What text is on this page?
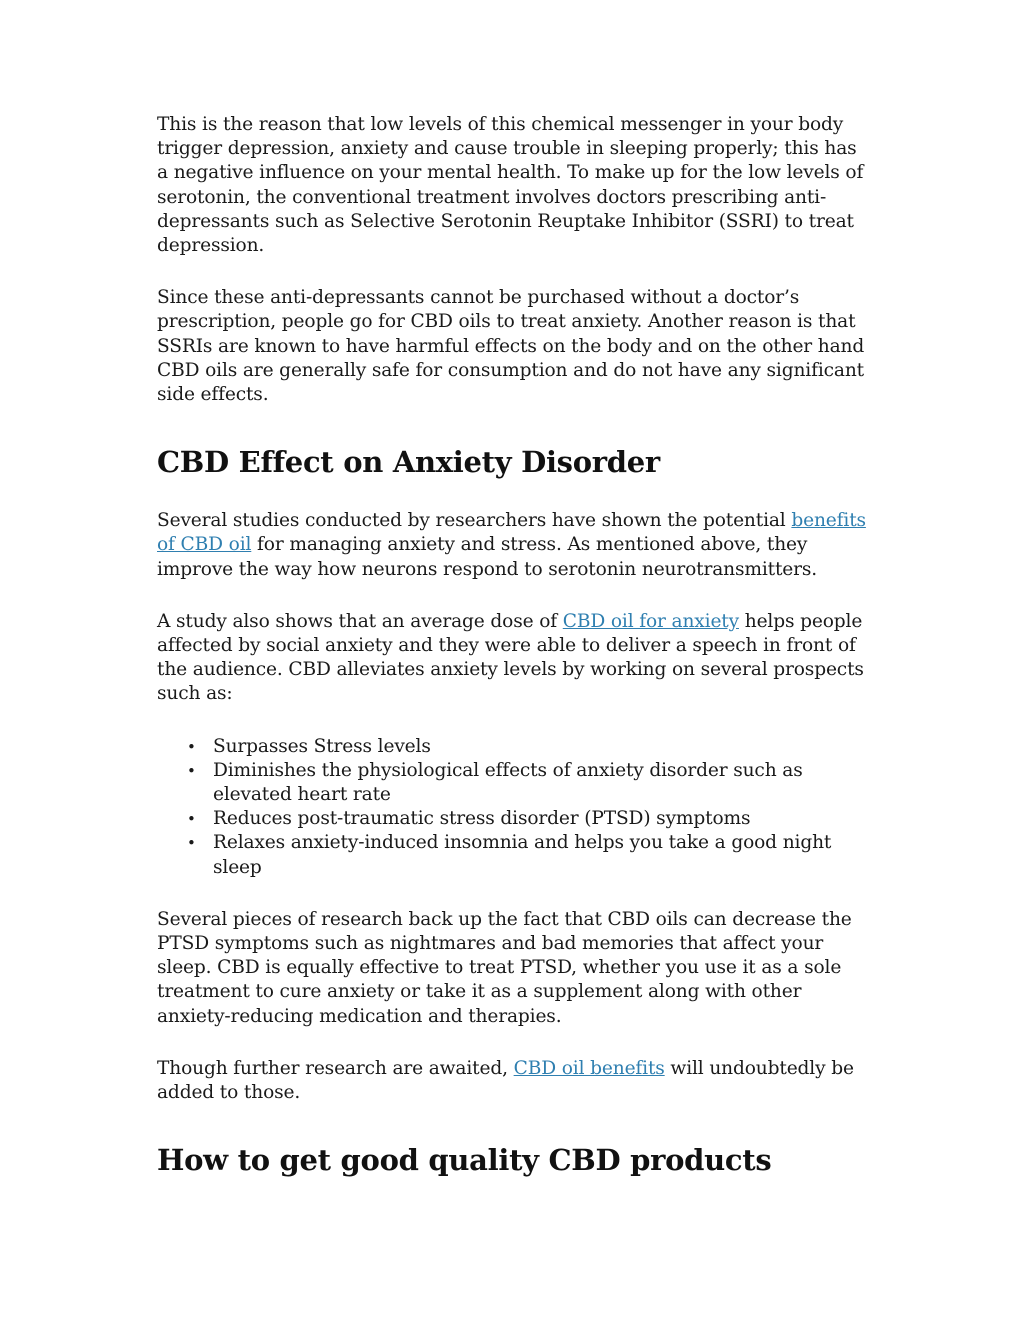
This is the reason that low levels of this chemical messenger in your body trigger depression, anxiety and cause trouble in sleeping properly; this has a negative influence on your mental health. To make up for the low levels of serotonin, the conventional treatment involves doctors prescribing anti-depressants such as Selective Serotonin Reuptake Inhibitor (SSRI) to treat depression.

Since these anti-depressants cannot be purchased without a doctor’s prescription, people go for CBD oils to treat anxiety. Another reason is that SSRIs are known to have harmful effects on the body and on the other hand CBD oils are generally safe for consumption and do not have any significant side effects.

CBD Effect on Anxiety Disorder

Several studies conducted by researchers have shown the potential benefits of CBD oil for managing anxiety and stress. As mentioned above, they improve the way how neurons respond to serotonin neurotransmitters.

A study also shows that an average dose of CBD oil for anxiety helps people affected by social anxiety and they were able to deliver a speech in front of the audience. CBD alleviates anxiety levels by working on several prospects such as:

• Surpasses Stress levels
• Diminishes the physiological effects of anxiety disorder such as elevated heart rate
• Reduces post-traumatic stress disorder (PTSD) symptoms
• Relaxes anxiety-induced insomnia and helps you take a good night sleep

Several pieces of research back up the fact that CBD oils can decrease the PTSD symptoms such as nightmares and bad memories that affect your sleep. CBD is equally effective to treat PTSD, whether you use it as a sole treatment to cure anxiety or take it as a supplement along with other anxiety-reducing medication and therapies.

Though further research are awaited, CBD oil benefits will undoubtedly be added to those.

How to get good quality CBD products
